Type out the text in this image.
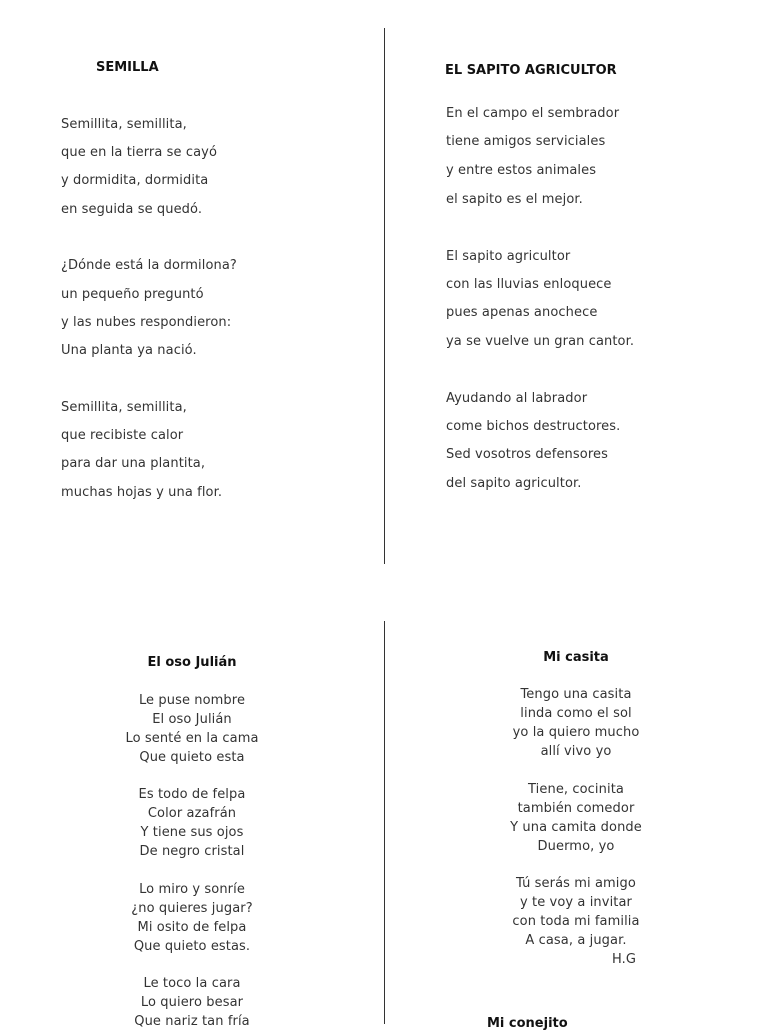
SEMILLA
Semillita, semillita,
que en la tierra se cayó
y dormidita, dormidita
en seguida se quedó.
¿Dónde está la dormilona?
un pequeño preguntó
y las nubes respondieron:
Una planta ya nació.
Semillita, semillita,
que recibiste calor
para dar una plantita,
muchas hojas y una flor.
EL SAPITO AGRICULTOR
En el campo el sembrador
tiene amigos serviciales
y entre estos animales
el sapito es el mejor.
El sapito agricultor
con las lluvias enloquece
pues apenas anochece
ya se vuelve un gran cantor.
Ayudando al labrador
come bichos destructores.
Sed vosotros defensores
del sapito agricultor.
El oso Julián
Le puse nombre
El oso Julián
Lo senté en la cama
Que quieto esta
Es todo de felpa
Color azafrán
Y tiene sus ojos
De negro cristal
Lo miro y sonríe
¿no quieres jugar?
Mi osito de felpa
Que quieto estas.
Le toco la cara
Lo quiero besar
Que nariz tan fría
Mi casita
Tengo una casita
linda como el sol
yo la quiero mucho
allí vivo yo
Tiene, cocinita
también comedor
Y una camita donde
Duermo, yo
Tú serás mi amigo
y te voy a invitar
con toda mi familia
A casa, a jugar.
H.G
Mi conejito
